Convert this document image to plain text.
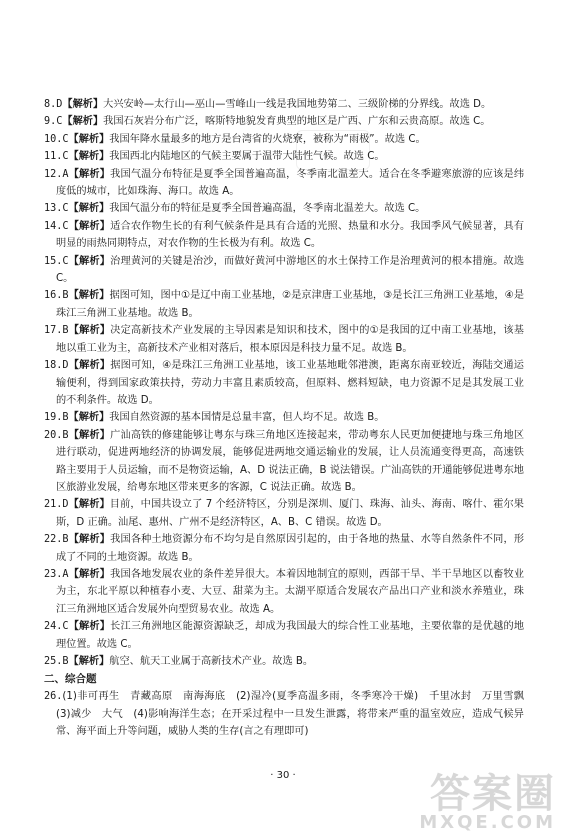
8.D【解析】大兴安岭—太行山—巫山—雪峰山一线是我国地势第二、三级阶梯的分界线。故选 D。

9.C【解析】我国石灰岩分布广泛，喀斯特地貌发育典型的地区是广西、广东和云贵高原。故选 C。

10.C【解析】我国年降水量最多的地方是台湾省的火烧寮，被称为“雨极”。故选 C。

11.C【解析】我国西北内陆地区的气候主要属于温带大陆性气候。故选 C。

12.A【解析】我国气温分布特征是夏季全国普遍高温，冬季南北温差大。适合在冬季避寒旅游的应该是纬度低的城市，比如珠海、海口。故选 A。

13.C【解析】我国气温分布的特征是夏季全国普遍高温，冬季南北温差大。故选 C。

14.C【解析】适合农作物生长的有利气候条件是具有合适的光照、热量和水分。我国季风气候显著，具有明显的雨热同期特点，对农作物的生长极为有利。故选 C。

15.C【解析】治理黄河的关键是治沙，而做好黄河中游地区的水土保持工作是治理黄河的根本措施。故选 C。

16.B【解析】据图可知，图中①是辽中南工业基地，②是京津唐工业基地，③是长江三角洲工业基地，④是珠江三角洲工业基地。故选 B。

17.B【解析】决定高新技术产业发展的主导因素是知识和技术，图中的①是我国的辽中南工业基地，该基地以重工业为主，高新技术产业相对落后，根本原因是科技力量不足。故选 B。

18.D【解析】据图可知，④是珠江三角洲工业基地，该工业基地毗邻港澳，距离东南亚较近，海陆交通运输便利，得到国家政策扶持，劳动力丰富且素质较高，但原料、燃料短缺，电力资源不足是其发展工业的不利条件。故选 D。

19.B【解析】我国自然资源的基本国情是总量丰富，但人均不足。故选 B。

20.B【解析】广汕高铁的修建能够让粤东与珠三角地区连接起来，带动粤东人民更加便捷地与珠三角地区进行联动，促进两地经济的协调发展，能够促进两地交通运输业的发展，让人员流通变得更高，高速铁路主要用于人员运输，而不是物资运输，A、D 说法正确，B 说法错误。广汕高铁的开通能够促进粤东地区旅游业发展，给粤东地区带来更多的客源，C 说法正确。故选 B。

21.D【解析】目前，中国共设立了 7 个经济特区，分别是深圳、厦门、珠海、汕头、海南、喀什、霍尔果斯，D 正确。汕尾、惠州、广州不是经济特区，A、B、C 错误。故选 D。

22.B【解析】我国各种土地资源分布不均匀是自然原因引起的，由于各地的热量、水等自然条件不同，形成了不同的土地资源。故选 B。

23.A【解析】我国各地发展农业的条件差异很大。本着因地制宜的原则，西部干旱、半干旱地区以畜牧业为主，东北平原以种植春小麦、大豆、甜菜为主。太湖平原适合发展农产品出口产业和淡水养殖业，珠江三角洲地区适合发展外向型贸易农业。故选 A。

24.C【解析】长江三角洲地区能源资源缺乏，却成为我国最大的综合性工业基地，主要依靠的是优越的地理位置。故选 C。

25.B【解析】航空、航天工业属于高新技术产业。故选 B。

二、综合题

26.(1)非可再生　青藏高原　南海海底　(2)湿冷(夏季高温多雨，冬季寒冷干燥)　千里冰封　万里雪飘　(3)减少　大气　(4)影响海洋生态；在开采过程中一旦发生泄露，将带来严重的温室效应，造成气候异常、海平面上升等问题，威胁人类的生存(言之有理即可)

· 30 ·	答案圈
MXQE.COM
